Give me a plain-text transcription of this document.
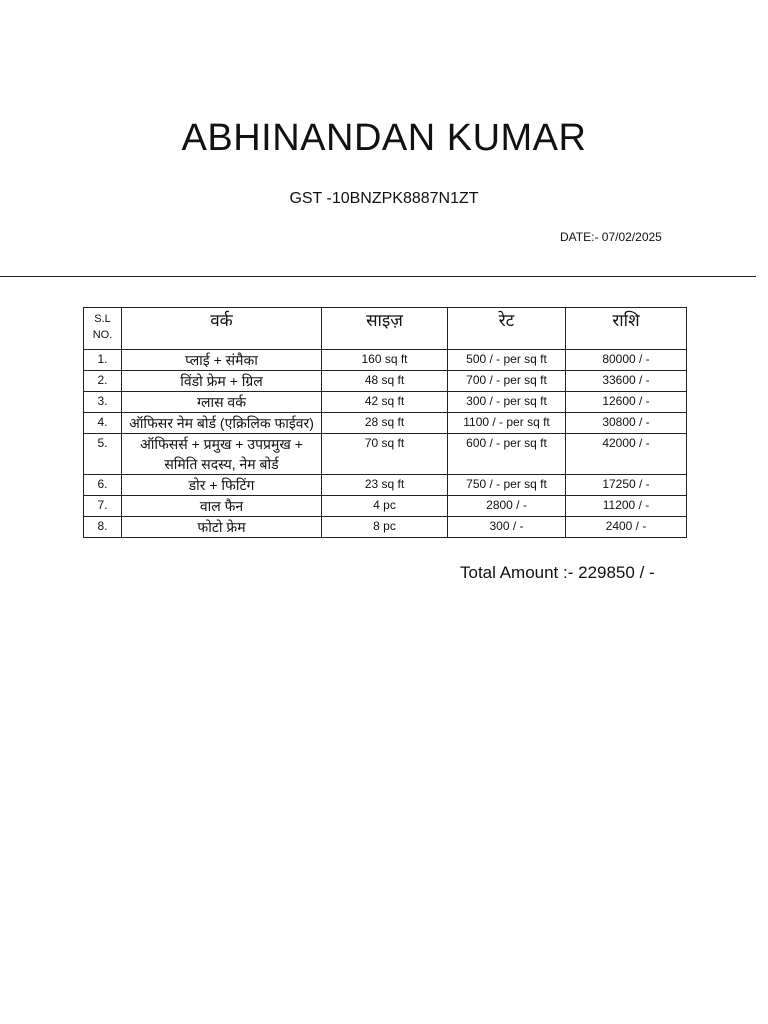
ABHINANDAN KUMAR
GST -10BNZPK8887N1ZT
DATE:- 07/02/2025
S.L NO.	वर्क	साइज़	रेट	राशि
1.	प्लाई + संमैका	160 sq ft	500 / - per sq ft	80000 / -
2.	विंडो फ्रेम + ग्रिल	48 sq ft	700 / - per sq ft	33600 / -
3.	ग्लास वर्क	42 sq ft	300 / - per sq ft	12600 / -
4.	ऑफिसर नेम बोर्ड (एक्रिलिक फाईवर)	28 sq ft	1100 / - per sq ft	30800 / -
5.	ऑफिसर्स + प्रमुख + उपप्रमुख + समिति सदस्य, नेम बोर्ड	70 sq ft	600 / - per sq ft	42000 / -
6.	डोर + फिटिंग	23 sq ft	750 / - per sq ft	17250 / -
7.	वाल फैन	4 pc	2800 / -	11200 / -
8.	फोटो फ्रेम	8 pc	300 / -	2400 / -
Total Amount :- 229850 / -
